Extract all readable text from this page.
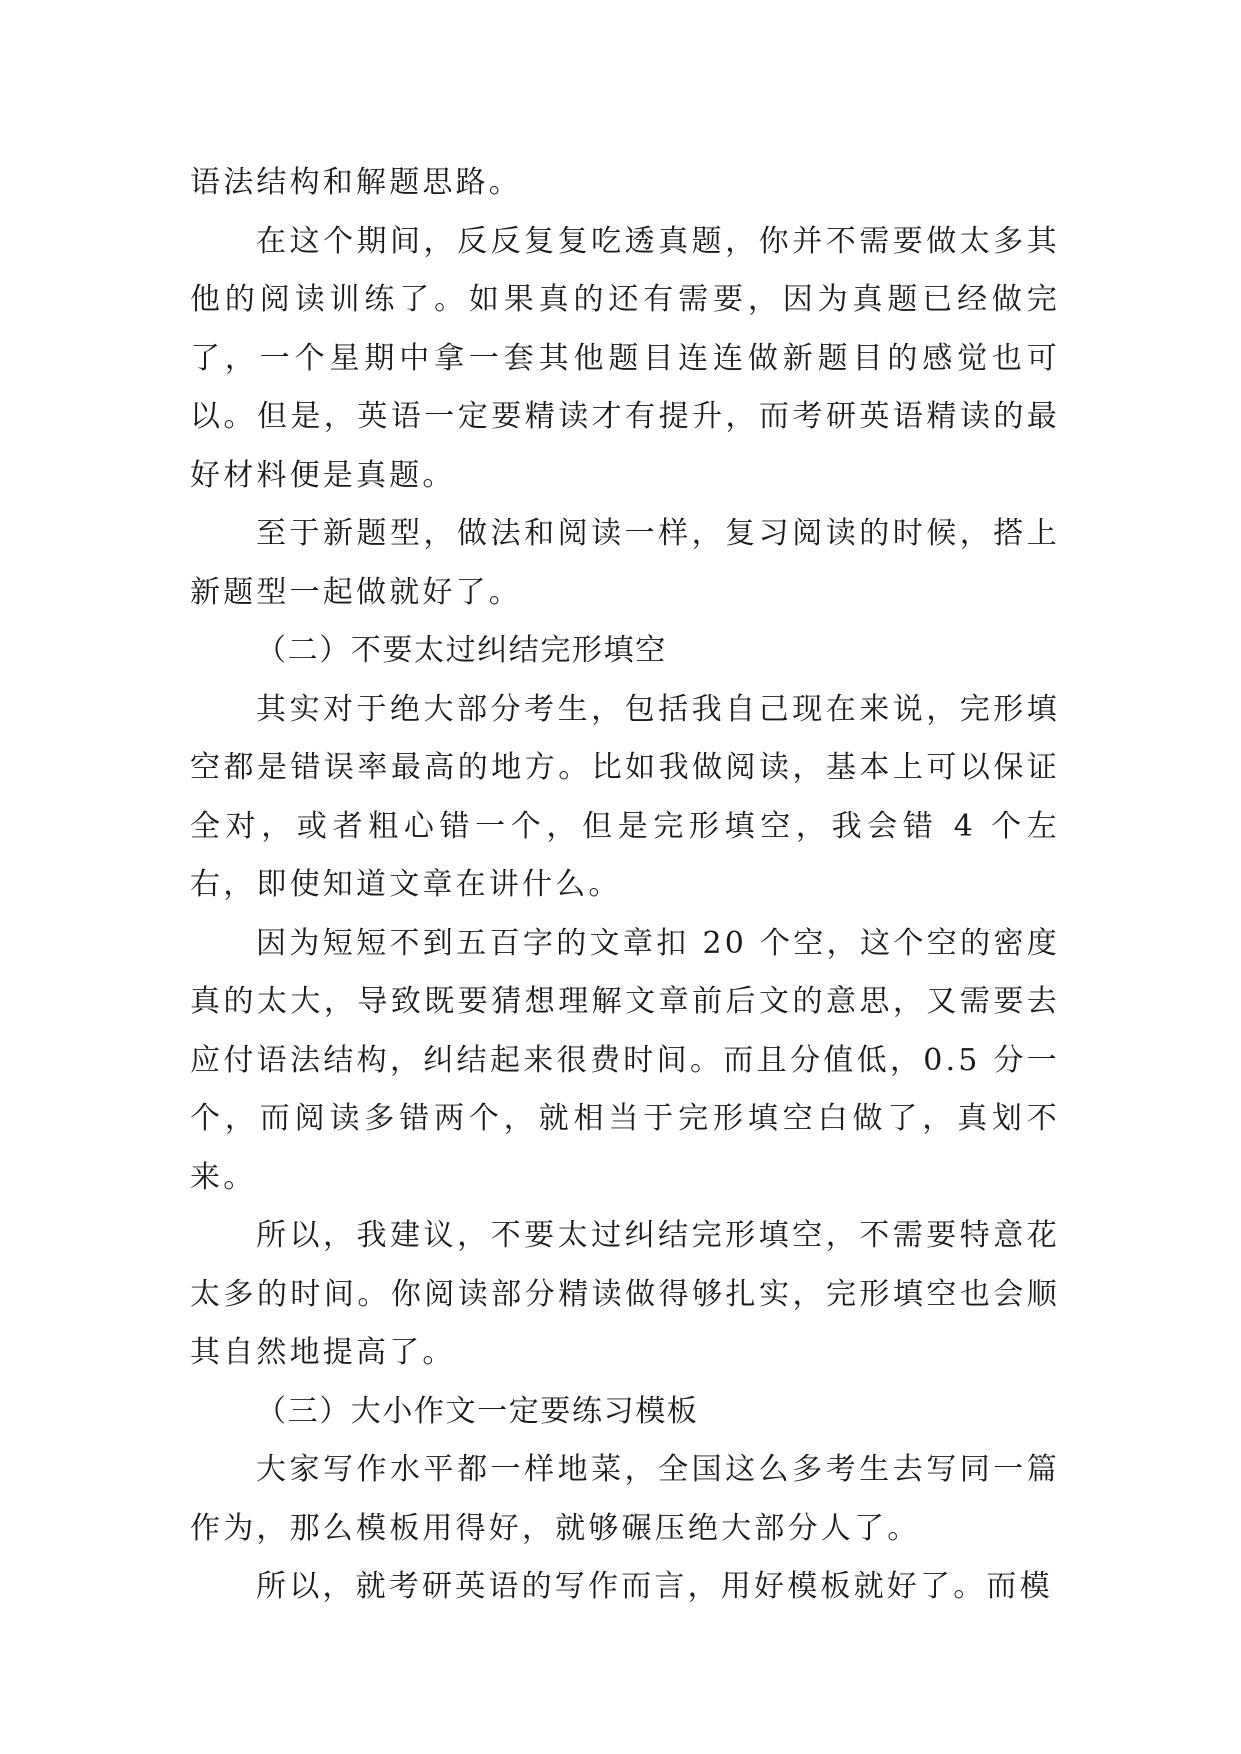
语法结构和解题思路。

在这个期间，反反复复吃透真题，你并不需要做太多其他的阅读训练了。如果真的还有需要，因为真题已经做完了，一个星期中拿一套其他题目连连做新题目的感觉也可以。但是，英语一定要精读才有提升，而考研英语精读的最好材料便是真题。

至于新题型，做法和阅读一样，复习阅读的时候，搭上新题型一起做就好了。

（二）不要太过纠结完形填空

其实对于绝大部分考生，包括我自己现在来说，完形填空都是错误率最高的地方。比如我做阅读，基本上可以保证全对，或者粗心错一个，但是完形填空，我会错 4 个左右，即使知道文章在讲什么。

因为短短不到五百字的文章扣 20 个空，这个空的密度真的太大，导致既要猜想理解文章前后文的意思，又需要去应付语法结构，纠结起来很费时间。而且分值低，0.5 分一个，而阅读多错两个，就相当于完形填空白做了，真划不来。

所以，我建议，不要太过纠结完形填空，不需要特意花太多的时间。你阅读部分精读做得够扎实，完形填空也会顺其自然地提高了。

（三）大小作文一定要练习模板

大家写作水平都一样地菜，全国这么多考生去写同一篇作为，那么模板用得好，就够碾压绝大部分人了。

所以，就考研英语的写作而言，用好模板就好了。而模
